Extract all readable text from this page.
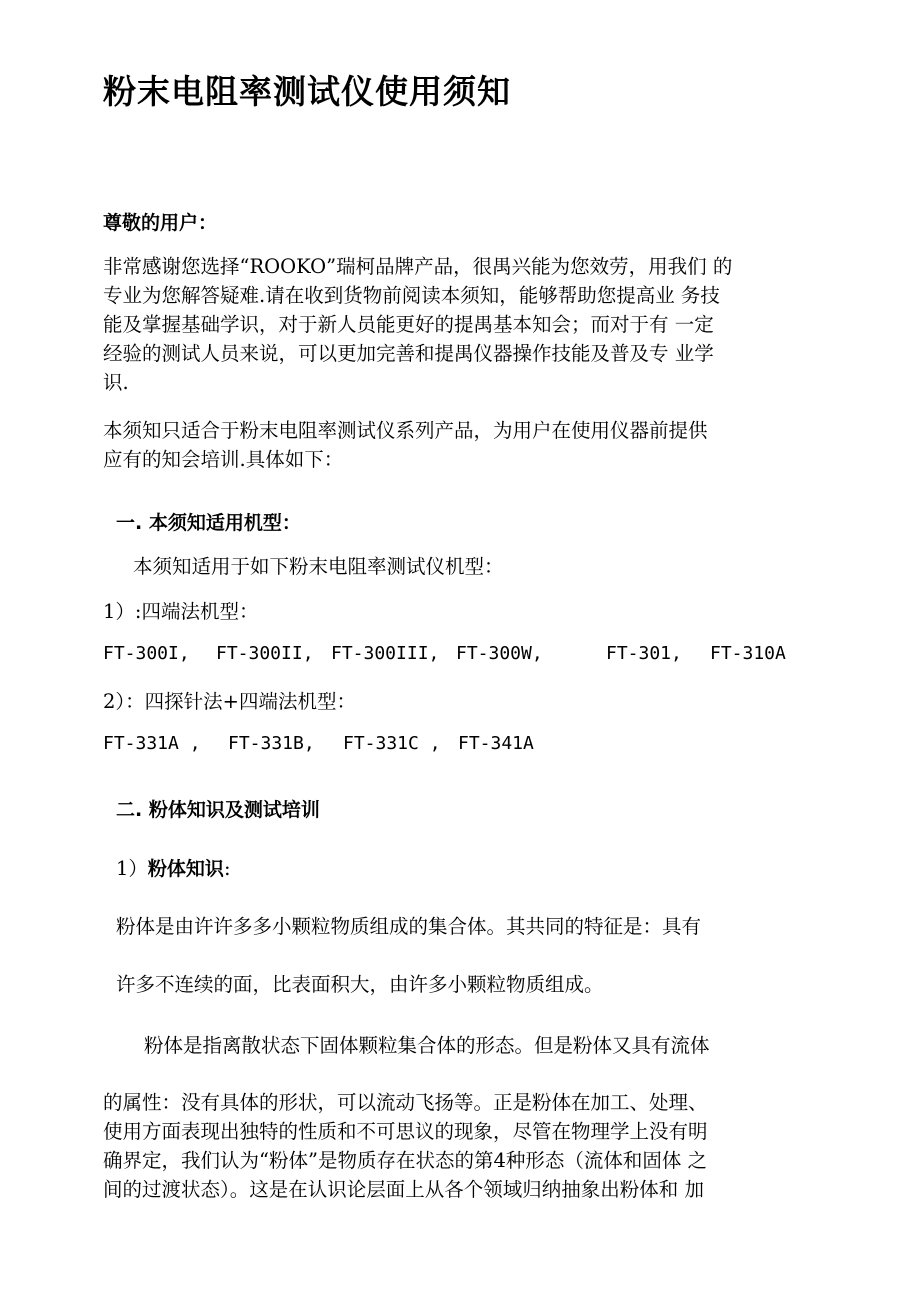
粉末电阻率测试仪使用须知
尊敬的用户：
非常感谢您选择“ROOKO”瑞柯品牌产品，很禺兴能为您效劳，用我们 的
专业为您解答疑难.请在收到货物前阅读本须知，能够帮助您提高业 务技
能及掌握基础学识，对于新人员能更好的提禺基本知会；而对于有 一定
经验的测试人员来说，可以更加完善和提禺仪器操作技能及普及专 业学
识.
本须知只适合于粉末电阻率测试仪系列产品，为用户在使用仪器前提供
应有的知会培训.具体如下：
一. 本须知适用机型：
本须知适用于如下粉末电阻率测试仪机型：
1）:四端法机型：
FT-300I, FT-300II, FT-300III, FT-300W,	FT-301, FT-310A
2）：四探针法+四端法机型：
FT-331A , FT-331B, FT-331C , FT-341A
二. 粉体知识及测试培训
1）粉体知识:
粉体是由许许多多小颗粒物质组成的集合体。其共同的特征是：具有
许多不连续的面，比表面积大，由许多小颗粒物质组成。
粉体是指离散状态下固体颗粒集合体的形态。但是粉体又具有流体
的属性：没有具体的形状，可以流动飞扬等。正是粉体在加工、处理、
使用方面表现出独特的性质和不可思议的现象，尽管在物理学上没有明
确界定，我们认为“粉体”是物质存在状态的第4种形态（流体和固体 之
间的过渡状态）。这是在认识论层面上从各个领域归纳抽象出粉体和 加
